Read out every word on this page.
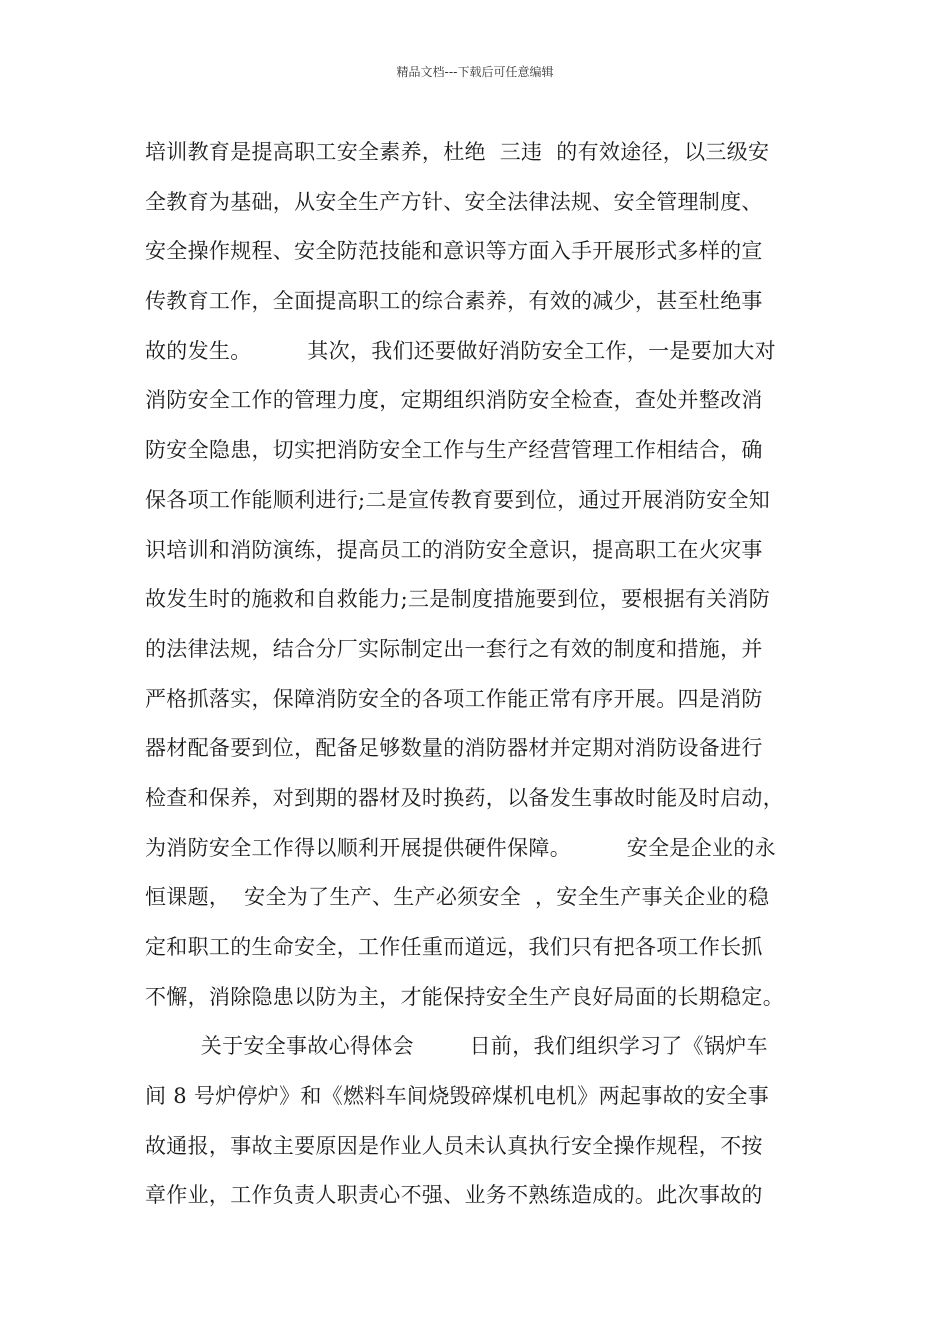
精品文档---下载后可任意编辑
培训教育是提高职工安全素养，杜绝  三违  的有效途径，以三级安
全教育为基础，从安全生产方针、安全法律法规、安全管理制度、
安全操作规程、安全防范技能和意识等方面入手开展形式多样的宣
传教育工作，全面提高职工的综合素养，有效的减少，甚至杜绝事
故的发生。        其次，我们还要做好消防安全工作，一是要加大对
消防安全工作的管理力度，定期组织消防安全检查，查处并整改消
防安全隐患，切实把消防安全工作与生产经营管理工作相结合，确
保各项工作能顺利进行;二是宣传教育要到位，通过开展消防安全知
识培训和消防演练，提高员工的消防安全意识，提高职工在火灾事
故发生时的施救和自救能力;三是制度措施要到位，要根据有关消防
的法律法规，结合分厂实际制定出一套行之有效的制度和措施，并
严格抓落实，保障消防安全的各项工作能正常有序开展。四是消防
器材配备要到位，配备足够数量的消防器材并定期对消防设备进行
检查和保养，对到期的器材及时换药，以备发生事故时能及时启动，
为消防安全工作得以顺利开展提供硬件保障。        安全是企业的永
恒课题，  安全为了生产、生产必须安全  ，安全生产事关企业的稳
定和职工的生命安全，工作任重而道远，我们只有把各项工作长抓
不懈，消除隐患以防为主，才能保持安全生产良好局面的长期稳定。
关于安全事故心得体会        日前，我们组织学习了《锅炉车
间 8 号炉停炉》和《燃料车间烧毁碎煤机电机》两起事故的安全事
故通报，事故主要原因是作业人员未认真执行安全操作规程，不按
章作业，工作负责人职责心不强、业务不熟练造成的。此次事故的
